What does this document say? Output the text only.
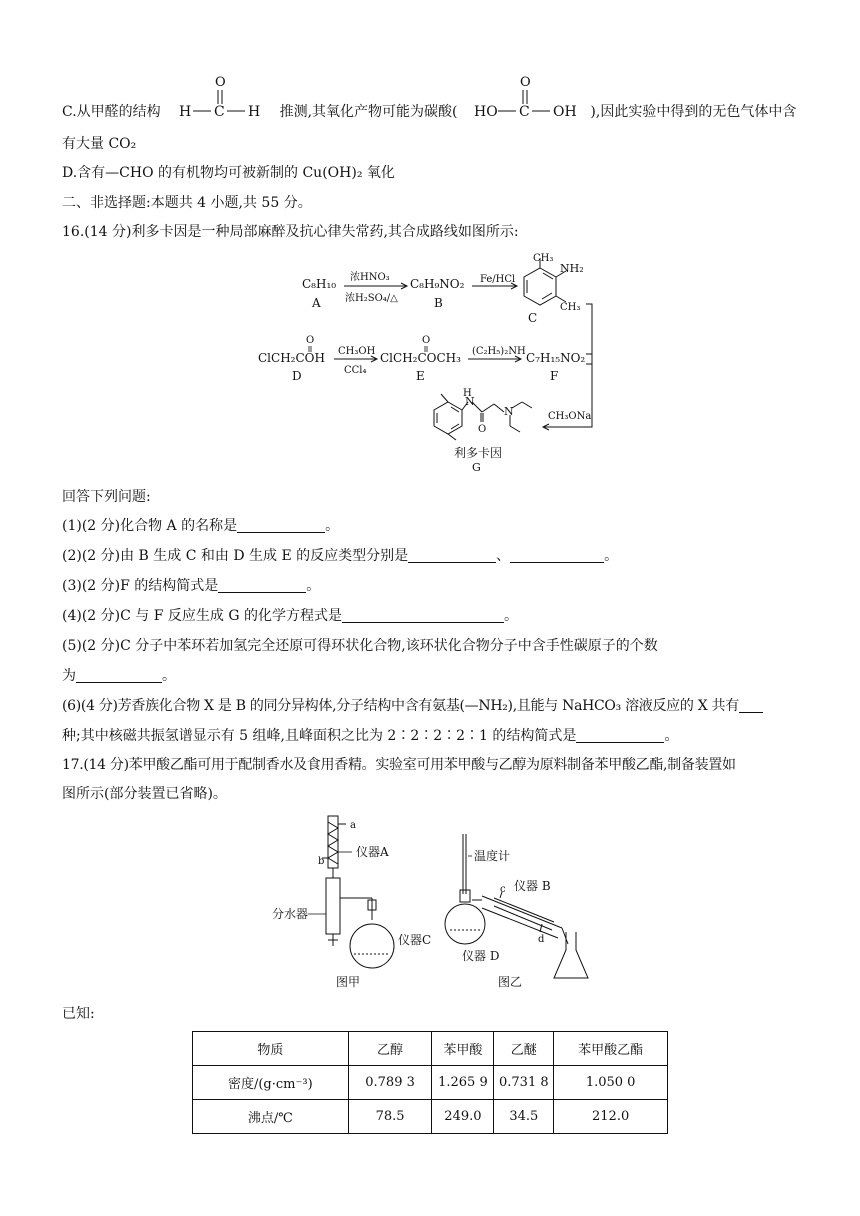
C.从甲醛的结构
O
H C H 推测,其氧化产物可能为碳酸(
O
HO C OH ),因此实验中得到的无色气体中含
有大量 CO₂
D.含有—CHO 的有机物均可被新制的 Cu(OH)₂ 氧化
二、非选择题:本题共 4 小题,共 55 分。
16.(14 分)利多卡因是一种局部麻醉及抗心律失常药,其合成路线如图所示:
C₈H₁₀
A
浓HNO₃
浓H₂SO₄/△
C₈H₉NO₂
B
Fe/HCl
CH₃
NH₂
CH₃
C
CH₃ONa
O
ClCH₂COH
D
CH₃OH
CCl₄
O
ClCH₂COCH₃
E
(C₂H₅)₂NH C₇H₁₅NO₂
F
H
N
O
N
利多卡因
G
回答下列问题:
(1)(2 分)化合物 A 的名称是	。
(2)(2 分)由 B 生成 C 和由 D 生成 E 的反应类型分别是	、	。
(3)(2 分)F 的结构简式是	。
(4)(2 分)C 与 F 反应生成 G 的化学方程式是	。
(5)(2 分)C 分子中苯环若加氢完全还原可得环状化合物,该环状化合物分子中含手性碳原子的个数
为	。
(6)(4 分)芳香族化合物 X 是 B 的同分异构体,分子结构中含有氨基(—NH₂),且能与 NaHCO₃ 溶液反应的 X 共有
种;其中核磁共振氢谱显示有 5 组峰,且峰面积之比为 2∶2∶2∶2∶1 的结构简式是	。
17.(14 分)苯甲酸乙酯可用于配制香水及食用香精。实验室可用苯甲酸与乙醇为原料制备苯甲酸乙酯,制备装置如
图所示(部分装置已省略)。
a
b
仪器A
分水器
仪器C
图甲
温度计
c 仪器 B
d
仪器 D
图乙
已知:
物质	乙醇	苯甲酸	乙醚	苯甲酸乙酯
密度/(g·cm⁻³)	0.789 3	1.265 9	0.731 8	1.050 0
沸点/℃	78.5	249.0	34.5	212.0
